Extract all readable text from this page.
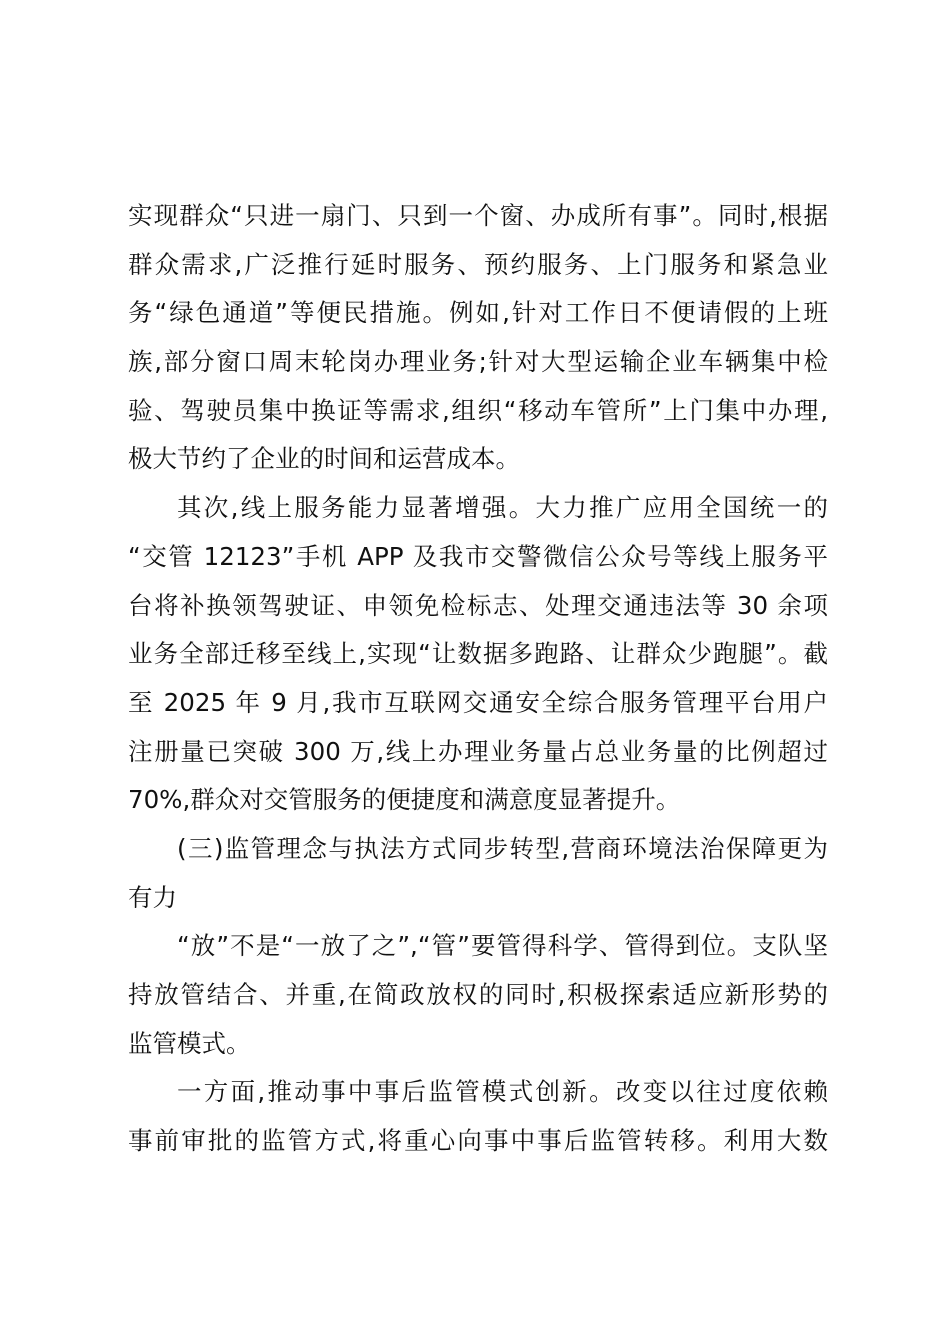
实现群众“只进一扇门、只到一个窗、办成所有事”。同时,根据
群众需求,广泛推行延时服务、预约服务、上门服务和紧急业
务“绿色通道”等便民措施。例如,针对工作日不便请假的上班
族,部分窗口周末轮岗办理业务;针对大型运输企业车辆集中检
验、驾驶员集中换证等需求,组织“移动车管所”上门集中办理,
极大节约了企业的时间和运营成本。
其次,线上服务能力显著增强。大力推广应用全国统一的
“交管 12123”手机 APP 及我市交警微信公众号等线上服务平
台将补换领驾驶证、申领免检标志、处理交通违法等 30 余项
业务全部迁移至线上,实现“让数据多跑路、让群众少跑腿”。截
至 2025 年 9 月,我市互联网交通安全综合服务管理平台用户
注册量已突破 300 万,线上办理业务量占总业务量的比例超过
70%,群众对交管服务的便捷度和满意度显著提升。
(三)监管理念与执法方式同步转型,营商环境法治保障更为
有力
“放”不是“一放了之”,“管”要管得科学、管得到位。支队坚
持放管结合、并重,在简政放权的同时,积极探索适应新形势的
监管模式。
一方面,推动事中事后监管模式创新。改变以往过度依赖
事前审批的监管方式,将重心向事中事后监管转移。利用大数
